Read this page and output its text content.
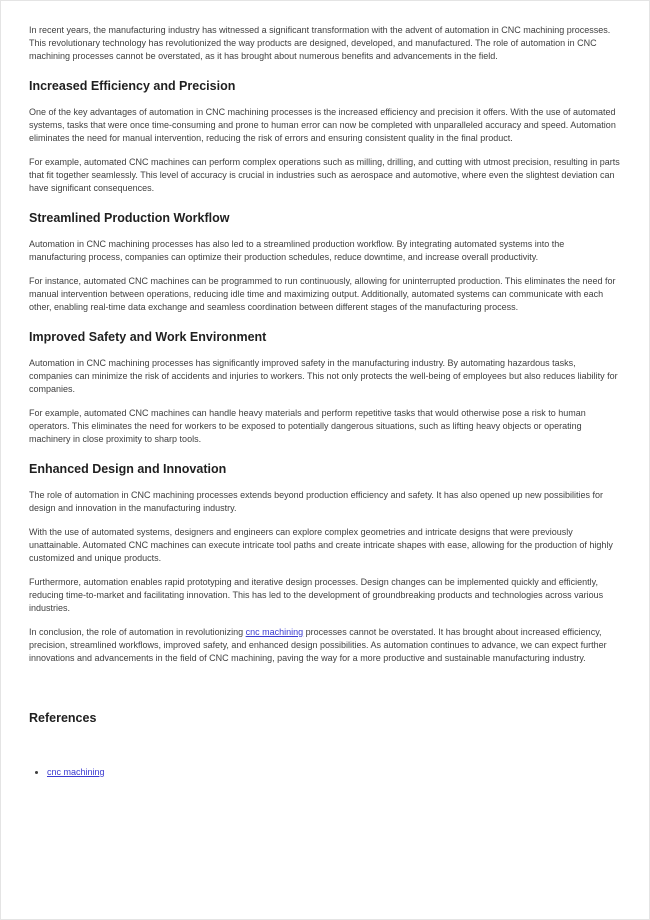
In recent years, the manufacturing industry has witnessed a significant transformation with the advent of automation in CNC machining processes. This revolutionary technology has revolutionized the way products are designed, developed, and manufactured. The role of automation in CNC machining processes cannot be overstated, as it has brought about numerous benefits and advancements in the field.

Increased Efficiency and Precision

One of the key advantages of automation in CNC machining processes is the increased efficiency and precision it offers. With the use of automated systems, tasks that were once time-consuming and prone to human error can now be completed with unparalleled accuracy and speed. Automation eliminates the need for manual intervention, reducing the risk of errors and ensuring consistent quality in the final product.

For example, automated CNC machines can perform complex operations such as milling, drilling, and cutting with utmost precision, resulting in parts that fit together seamlessly. This level of accuracy is crucial in industries such as aerospace and automotive, where even the slightest deviation can have significant consequences.

Streamlined Production Workflow

Automation in CNC machining processes has also led to a streamlined production workflow. By integrating automated systems into the manufacturing process, companies can optimize their production schedules, reduce downtime, and increase overall productivity.

For instance, automated CNC machines can be programmed to run continuously, allowing for uninterrupted production. This eliminates the need for manual intervention between operations, reducing idle time and maximizing output. Additionally, automated systems can communicate with each other, enabling real-time data exchange and seamless coordination between different stages of the manufacturing process.

Improved Safety and Work Environment

Automation in CNC machining processes has significantly improved safety in the manufacturing industry. By automating hazardous tasks, companies can minimize the risk of accidents and injuries to workers. This not only protects the well-being of employees but also reduces liability for companies.

For example, automated CNC machines can handle heavy materials and perform repetitive tasks that would otherwise pose a risk to human operators. This eliminates the need for workers to be exposed to potentially dangerous situations, such as lifting heavy objects or operating machinery in close proximity to sharp tools.

Enhanced Design and Innovation

The role of automation in CNC machining processes extends beyond production efficiency and safety. It has also opened up new possibilities for design and innovation in the manufacturing industry.

With the use of automated systems, designers and engineers can explore complex geometries and intricate designs that were previously unattainable. Automated CNC machines can execute intricate tool paths and create intricate shapes with ease, allowing for the production of highly customized and unique products.

Furthermore, automation enables rapid prototyping and iterative design processes. Design changes can be implemented quickly and efficiently, reducing time-to-market and facilitating innovation. This has led to the development of groundbreaking products and technologies across various industries.

In conclusion, the role of automation in revolutionizing cnc machining processes cannot be overstated. It has brought about increased efficiency, precision, streamlined workflows, improved safety, and enhanced design possibilities. As automation continues to advance, we can expect further innovations and advancements in the field of CNC machining, paving the way for a more productive and sustainable manufacturing industry.

References
• cnc machining
